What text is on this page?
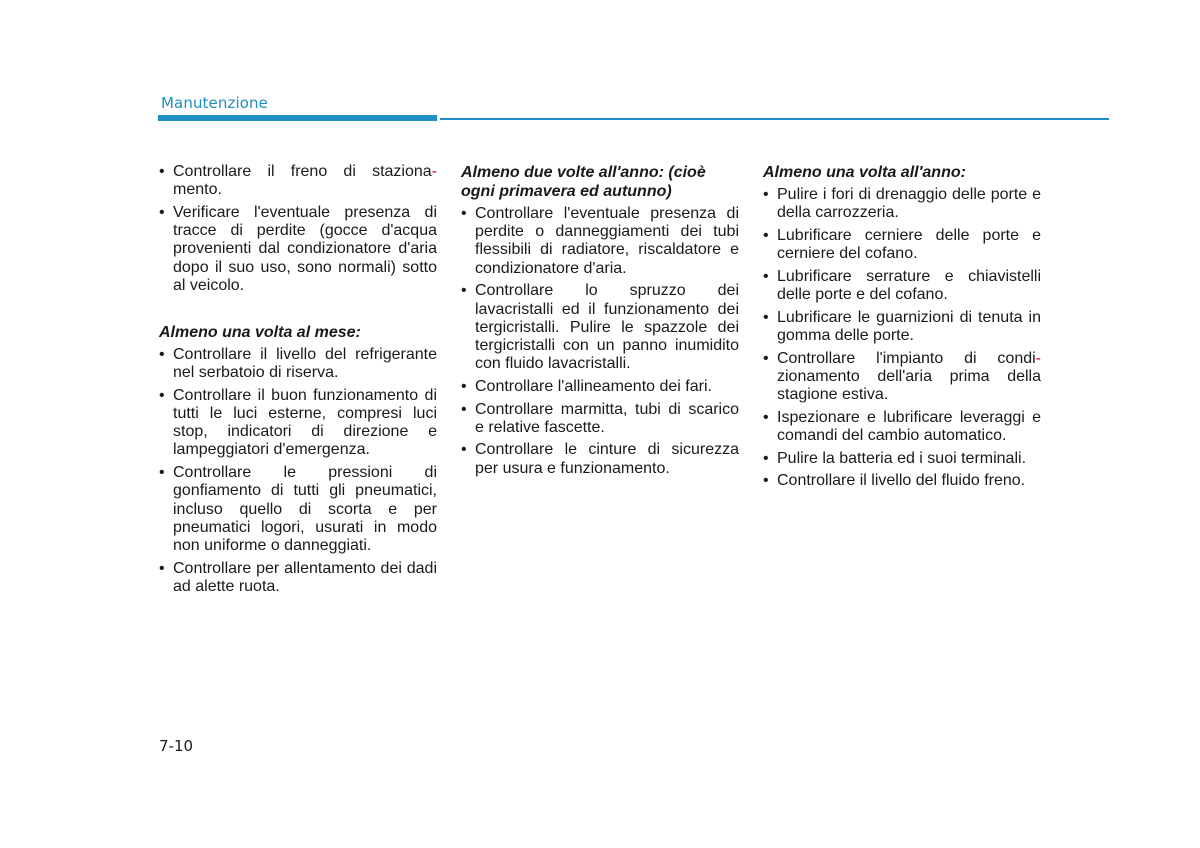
Manutenzione
• Controllare il freno di staziona- mento.
• Verificare l'eventuale presenza di tracce di perdite (gocce d'acqua provenienti dal condizionatore d'aria dopo il suo uso, sono normali) sotto al veicolo.
Almeno una volta al mese:
• Controllare il livello del refrigerante nel serbatoio di riserva.
• Controllare il buon funzionamento di tutti le luci esterne, compresi luci stop, indicatori di direzione e lampeggiatori d'emergenza.
• Controllare le pressioni di gonfiamento di tutti gli pneumatici, incluso quello di scorta e per pneumatici logori, usurati in modo non uniforme o danneggiati.
• Controllare per allentamento dei dadi ad alette ruota.
Almeno due volte all'anno: (cioè ogni primavera ed autunno)
• Controllare l'eventuale presenza di perdite o danneggiamenti dei tubi flessibili di radiatore, riscaldatore e condizionatore d'aria.
• Controllare lo spruzzo dei lavacristalli ed il funzionamento dei tergicristalli. Pulire le spazzole dei tergicristalli con un panno inumidito con fluido lavacristalli.
• Controllare l'allineamento dei fari.
• Controllare marmitta, tubi di scarico e relative fascette.
• Controllare le cinture di sicurezza per usura e funzionamento.
Almeno una volta all'anno:
• Pulire i fori di drenaggio delle porte e della carrozzeria.
• Lubrificare cerniere delle porte e cerniere del cofano.
• Lubrificare serrature e chiavistelli delle porte e del cofano.
• Lubrificare le guarnizioni di tenuta in gomma delle porte.
• Controllare l'impianto di condi-zionamento dell'aria prima della stagione estiva.
• Ispezionare e lubrificare leveraggi e comandi del cambio automatico.
• Pulire la batteria ed i suoi terminali.
• Controllare il livello del fluido freno.
7-10
